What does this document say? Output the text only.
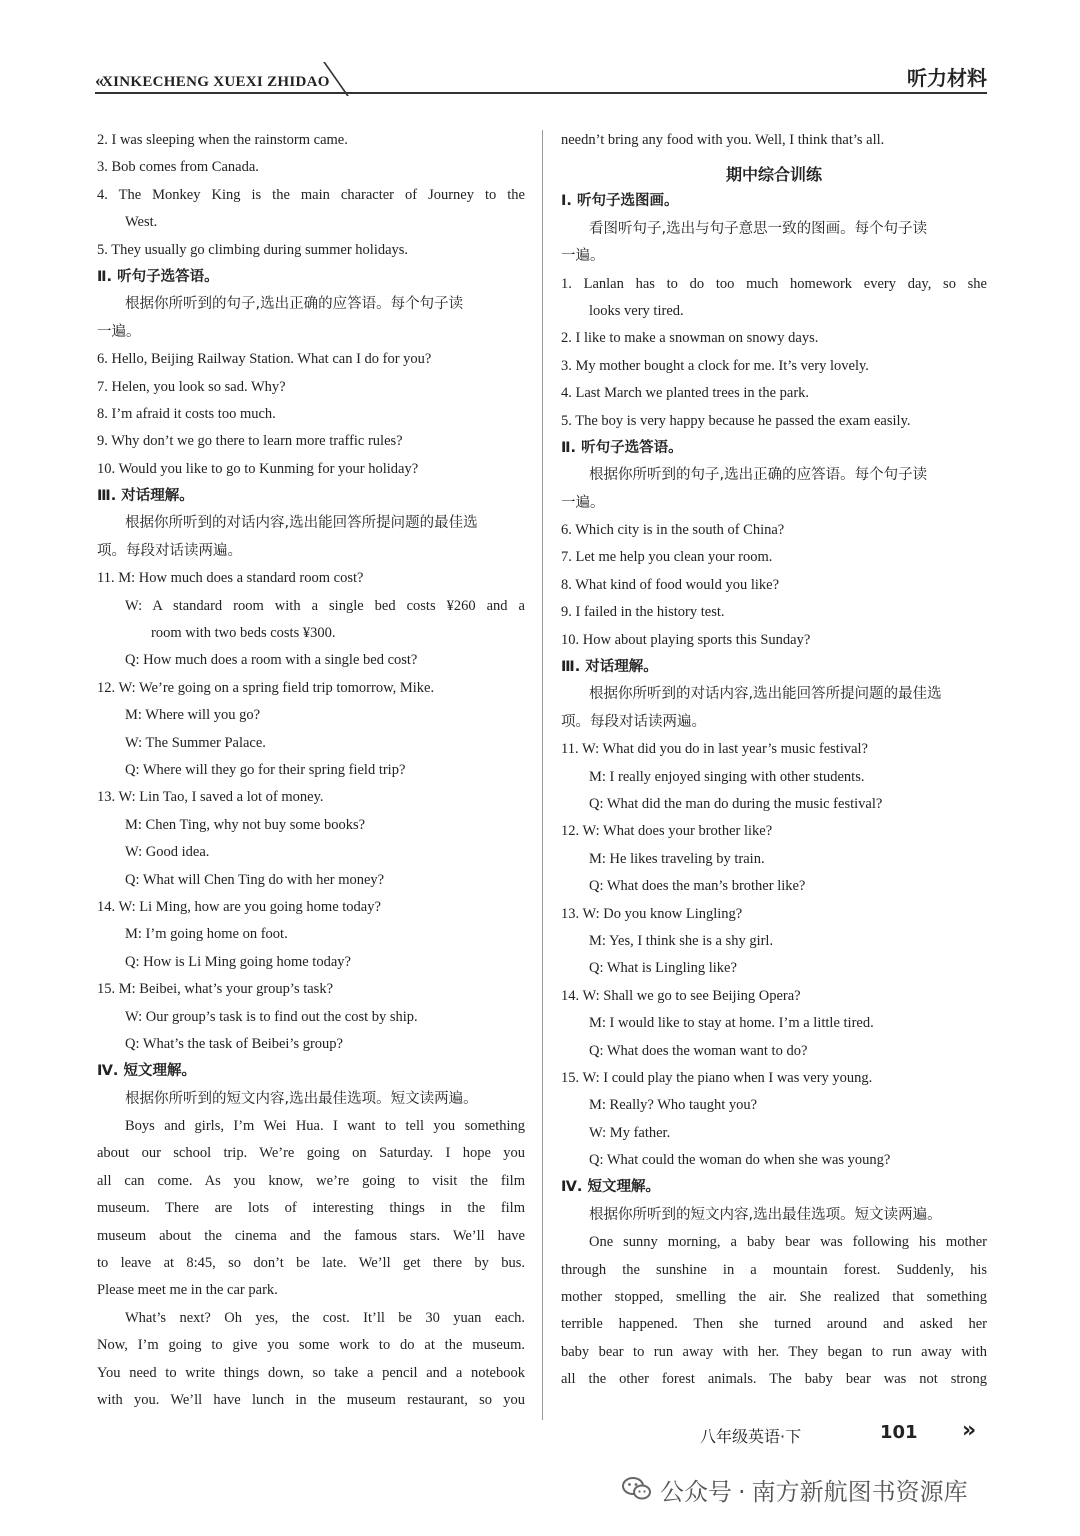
« XINKECHENG XUEXI ZHIDAO	听力材料
2. I was sleeping when the rainstorm came.
3. Bob comes from Canada.
4. The Monkey King is the main character of Journey to the
West.
5. They usually go climbing during summer holidays.
Ⅱ. 听句子选答语。
根据你所听到的句子,选出正确的应答语。每个句子读
一遍。
6. Hello, Beijing Railway Station. What can I do for you?
7. Helen, you look so sad. Why?
8. I’m afraid it costs too much.
9. Why don’t we go there to learn more traffic rules?
10. Would you like to go to Kunming for your holiday?
Ⅲ. 对话理解。
根据你所听到的对话内容,选出能回答所提问题的最佳选
项。每段对话读两遍。
11. M: How much does a standard room cost?
W: A standard room with a single bed costs ¥260 and a
room with two beds costs ¥300.
Q: How much does a room with a single bed cost?
12. W: We’re going on a spring field trip tomorrow, Mike.
M: Where will you go?
W: The Summer Palace.
Q: Where will they go for their spring field trip?
13. W: Lin Tao, I saved a lot of money.
M: Chen Ting, why not buy some books?
W: Good idea.
Q: What will Chen Ting do with her money?
14. W: Li Ming, how are you going home today?
M: I’m going home on foot.
Q: How is Li Ming going home today?
15. M: Beibei, what’s your group’s task?
W: Our group’s task is to find out the cost by ship.
Q: What’s the task of Beibei’s group?
Ⅳ. 短文理解。
根据你所听到的短文内容,选出最佳选项。短文读两遍。
Boys and girls, I’m Wei Hua. I want to tell you something
about our school trip. We’re going on Saturday. I hope you
all can come. As you know, we’re going to visit the film
museum. There are lots of interesting things in the film
museum about the cinema and the famous stars. We’ll have
to leave at 8:45, so don’t be late. We’ll get there by bus.
Please meet me in the car park.
What’s next? Oh yes, the cost. It’ll be 30 yuan each.
Now, I’m going to give you some work to do at the museum.
You need to write things down, so take a pencil and a notebook
with you. We’ll have lunch in the museum restaurant, so you
needn’t bring any food with you. Well, I think that’s all.
期中综合训练
Ⅰ. 听句子选图画。
看图听句子,选出与句子意思一致的图画。每个句子读
一遍。
1. Lanlan has to do too much homework every day, so she
looks very tired.
2. I like to make a snowman on snowy days.
3. My mother bought a clock for me. It’s very lovely.
4. Last March we planted trees in the park.
5. The boy is very happy because he passed the exam easily.
Ⅱ. 听句子选答语。
根据你所听到的句子,选出正确的应答语。每个句子读
一遍。
6. Which city is in the south of China?
7. Let me help you clean your room.
8. What kind of food would you like?
9. I failed in the history test.
10. How about playing sports this Sunday?
Ⅲ. 对话理解。
根据你所听到的对话内容,选出能回答所提问题的最佳选
项。每段对话读两遍。
11. W: What did you do in last year’s music festival?
M: I really enjoyed singing with other students.
Q: What did the man do during the music festival?
12. W: What does your brother like?
M: He likes traveling by train.
Q: What does the man’s brother like?
13. W: Do you know Lingling?
M: Yes, I think she is a shy girl.
Q: What is Lingling like?
14. W: Shall we go to see Beijing Opera?
M: I would like to stay at home. I’m a little tired.
Q: What does the woman want to do?
15. W: I could play the piano when I was very young.
M: Really? Who taught you?
W: My father.
Q: What could the woman do when she was young?
Ⅳ. 短文理解。
根据你所听到的短文内容,选出最佳选项。短文读两遍。
One sunny morning, a baby bear was following his mother
through the sunshine in a mountain forest. Suddenly, his
mother stopped, smelling the air. She realized that something
terrible happened. Then she turned around and asked her
baby bear to run away with her. They began to run away with
all the other forest animals. The baby bear was not strong
八年级英语·下	101 »
公众号 · 南方新航图书资源库
